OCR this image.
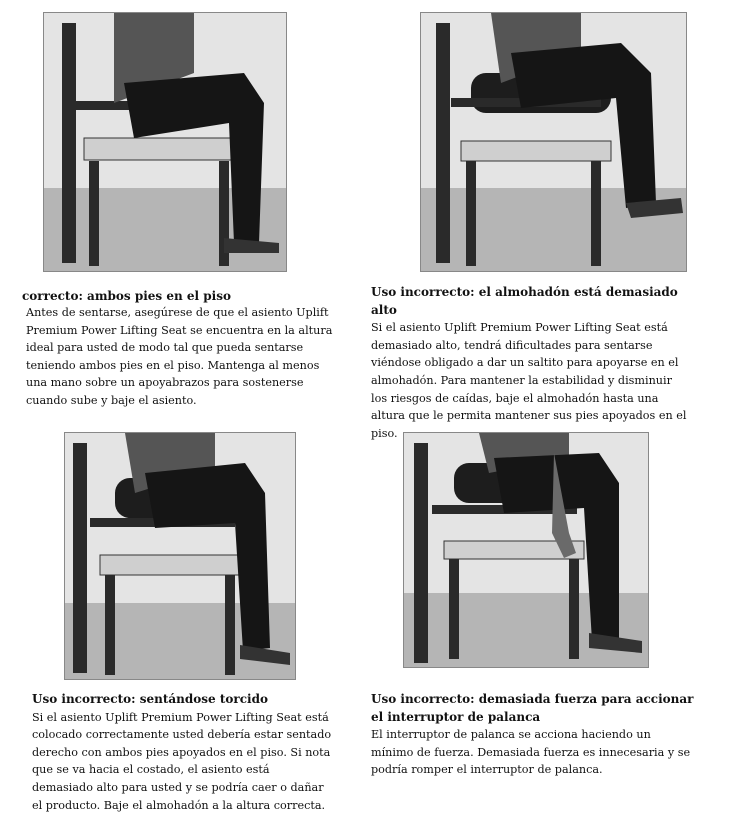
correcto: ambos pies en el piso
Antes de sentarse, asegúrese de que el asiento Uplift Premium Power Lifting Seat se encuentra en la altura ideal para usted de modo tal que pueda sentarse teniendo ambos pies en el piso. Mantenga al menos una mano sobre un apoyabrazos para sostenerse cuando sube y baje el asiento.
Uso incorrecto: el almohadón está demasiado alto
Si el asiento Uplift Premium Power Lifting Seat está demasiado alto, tendrá dificultades para sentarse viéndose obligado a dar un saltito para apoyarse en el almohadón. Para mantener la estabilidad y disminuir los riesgos de caídas, baje el almohadón hasta una altura que le permita mantener sus pies apoyados en el piso.
Uso incorrecto: sentándose torcido
Si el asiento Uplift Premium Power Lifting Seat está colocado correctamente usted debería estar sentado derecho con ambos pies apoyados en el piso. Si nota que se va hacia el costado, el asiento está demasiado alto para usted y se podría caer o dañar el producto. Baje el almohadón a la altura correcta.
Uso incorrecto: demasiada fuerza para accionar el interruptor de palanca
El interruptor de palanca se acciona haciendo un mínimo de fuerza. Demasiada fuerza es innecesaria y se podría romper el interruptor de palanca.
